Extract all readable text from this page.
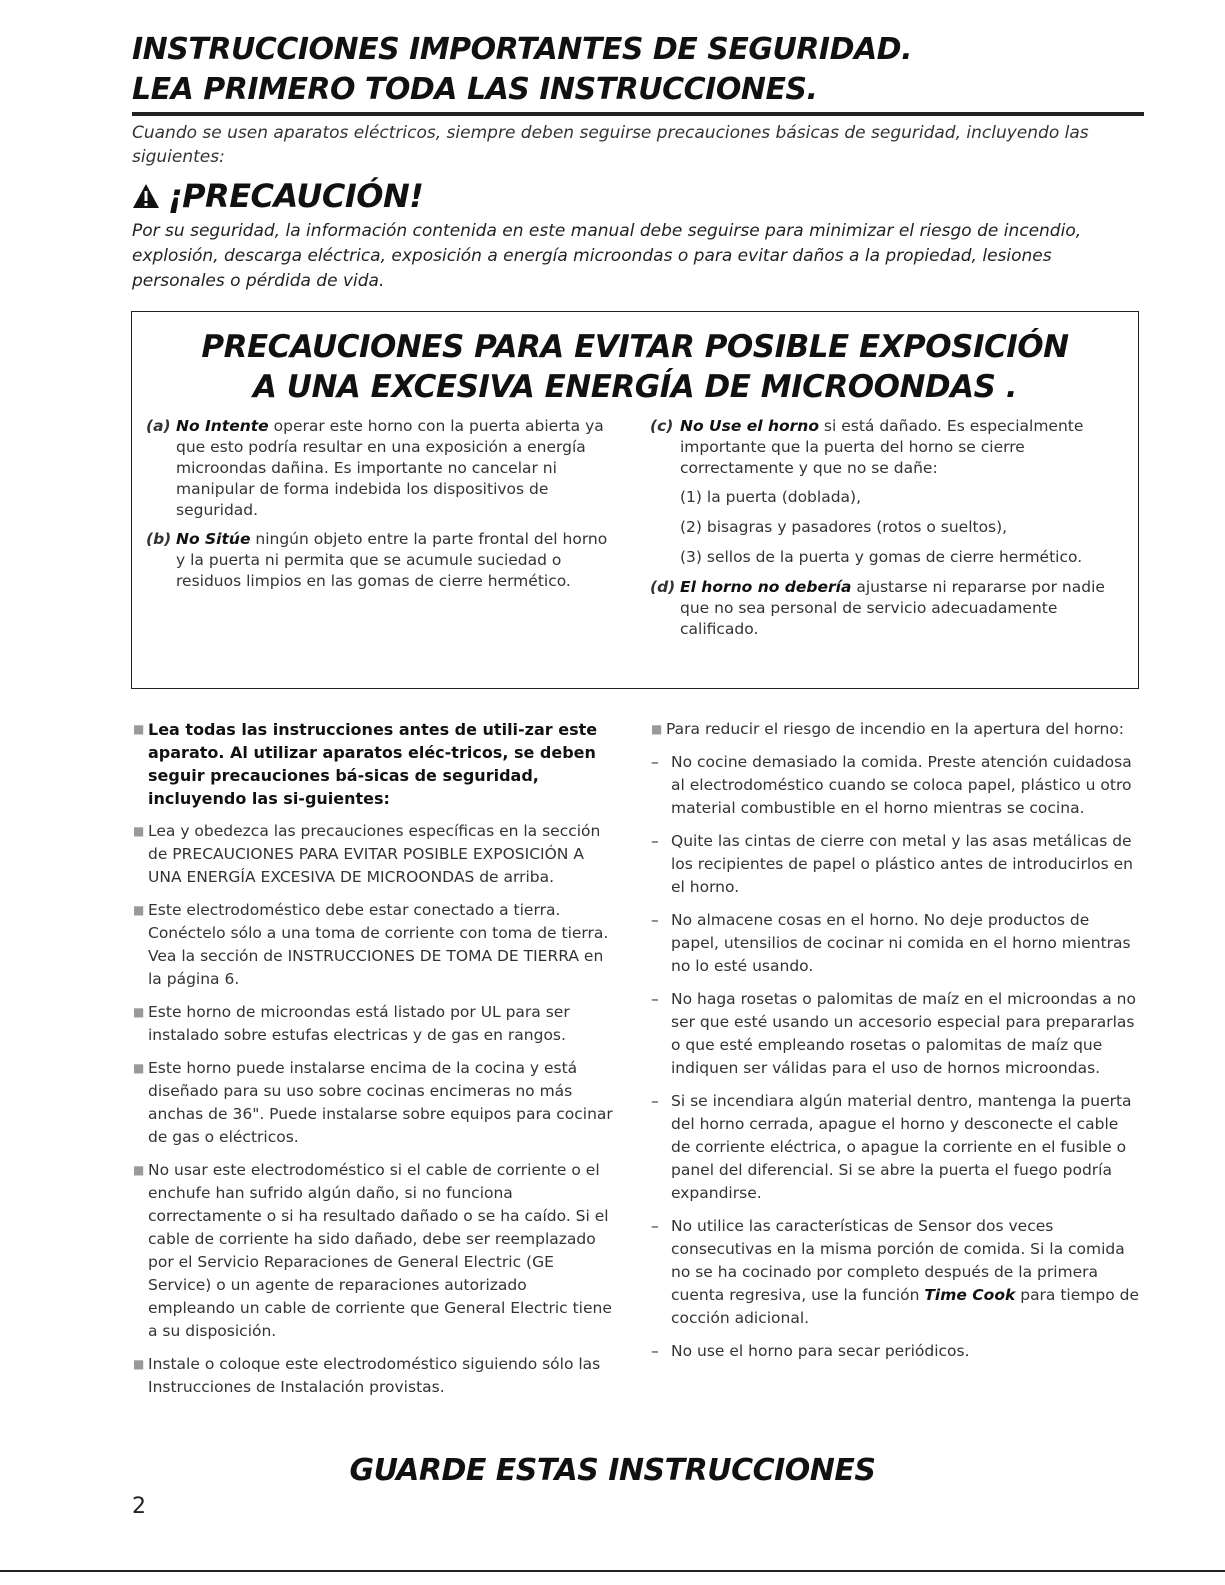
INSTRUCCIONES IMPORTANTES DE SEGURIDAD.
LEA PRIMERO TODA LAS INSTRUCCIONES.
Cuando se usen aparatos eléctricos, siempre deben seguirse precauciones básicas de seguridad, incluyendo las siguientes:
¡PRECAUCIÓN!
Por su seguridad, la información contenida en este manual debe seguirse para minimizar el riesgo de incendio, explosión, descarga eléctrica, exposición a energía microondas o para evitar daños a la propiedad, lesiones personales o pérdida de vida.
PRECAUCIONES PARA EVITAR POSIBLE EXPOSICIÓN
A UNA EXCESIVA ENERGÍA DE MICROONDAS .
(a) No Intente operar este horno con la puerta abierta ya que esto podría resultar en una exposición a energía microondas dañina. Es importante no cancelar ni manipular de forma indebida los dispositivos de seguridad.
(b) No Sitúe ningún objeto entre la parte frontal del horno y la puerta ni permita que se acumule suciedad o residuos limpios en las gomas de cierre hermético.
(c) No Use el horno si está dañado. Es especialmente importante que la puerta del horno se cierre correctamente y que no se dañe:
(1) la puerta (doblada),
(2) bisagras y pasadores (rotos o sueltos),
(3) sellos de la puerta y gomas de cierre hermético.
(d) El horno no debería ajustarse ni repararse por nadie que no sea personal de servicio adecuadamente calificado.
■ Lea todas las instrucciones antes de utili-zar este aparato. Al utilizar aparatos eléc-tricos, se deben seguir precauciones bá-sicas de seguridad, incluyendo las si-guientes:
■ Lea y obedezca las precauciones específicas en la sección de PRECAUCIONES PARA EVITAR POSIBLE EXPOSICIÓN A UNA ENERGÍA EXCESIVA DE MICROONDAS de arriba.
■ Este electrodoméstico debe estar conectado a tierra. Conéctelo sólo a una toma de corriente con toma de tierra. Vea la sección de INSTRUCCIONES DE TOMA DE TIERRA en la página 6.
■ Este horno de microondas está listado por UL para ser instalado sobre estufas electricas y de gas en rangos.
■ Este horno puede instalarse encima de la cocina y está diseñado para su uso sobre cocinas encimeras no más anchas de 36". Puede instalarse sobre equipos para cocinar de gas o eléctricos.
■ No usar este electrodoméstico si el cable de corriente o el enchufe han sufrido algún daño, si no funciona correctamente o si ha resultado dañado o se ha caído. Si el cable de corriente ha sido dañado, debe ser reemplazado por el Servicio Reparaciones de General Electric (GE Service) o un agente de reparaciones autorizado empleando un cable de corriente que General Electric tiene a su disposición.
■ Instale o coloque este electrodoméstico siguiendo sólo las Instrucciones de Instalación provistas.
■ Para reducir el riesgo de incendio en la apertura del horno:
– No cocine demasiado la comida. Preste atención cuidadosa al electrodoméstico cuando se coloca papel, plástico u otro material combustible en el horno mientras se cocina.
– Quite las cintas de cierre con metal y las asas metálicas de los recipientes de papel o plástico antes de introducirlos en el horno.
– No almacene cosas en el horno. No deje productos de papel, utensilios de cocinar ni comida en el horno mientras no lo esté usando.
– No haga rosetas o palomitas de maíz en el microondas a no ser que esté usando un accesorio especial para prepararlas o que esté empleando rosetas o palomitas de maíz que indiquen ser válidas para el uso de hornos microondas.
– Si se incendiara algún material dentro, mantenga la puerta del horno cerrada, apague el horno y desconecte el cable de corriente eléctrica, o apague la corriente en el fusible o panel del diferencial. Si se abre la puerta el fuego podría expandirse.
– No utilice las características de Sensor dos veces consecutivas en la misma porción de comida. Si la comida no se ha cocinado por completo después de la primera cuenta regresiva, use la función Time Cook para tiempo de cocción adicional.
– No use el horno para secar periódicos.
GUARDE ESTAS INSTRUCCIONES
2
